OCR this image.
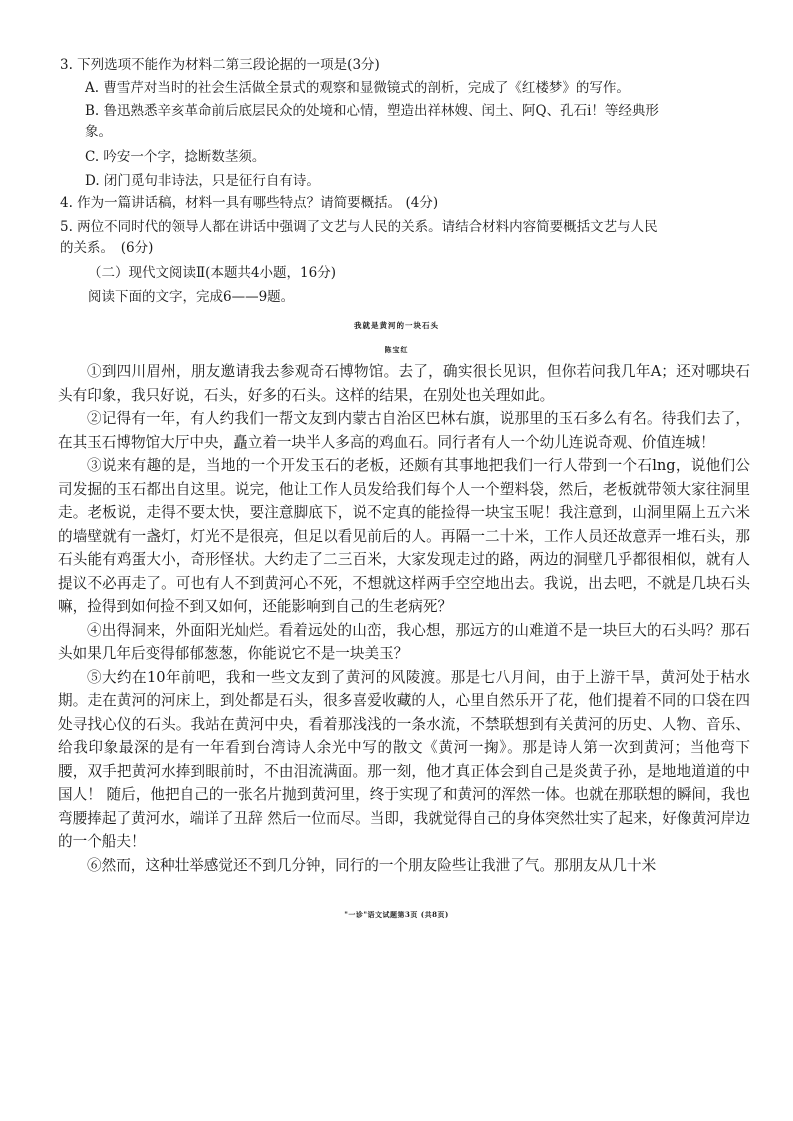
3. 下列选项不能作为材料二第三段论据的一项是(3分)
A. 曹雪芹对当时的社会生活做全景式的观察和显微镜式的剖析，完成了《红楼梦》的写作。
B. 鲁迅熟悉辛亥革命前后底层民众的处境和心情，塑造出祥林嫂、闰土、阿Q、孔石i！等经典形
象。
C. 吟安一个字，捻断数茎须。
D. 闭门觅句非诗法，只是征行自有诗。
4. 作为一篇讲话稿，材料一具有哪些特点？请简要概括。 (4分)
5. 两位不同时代的领导人都在讲话中强调了文艺与人民的关系。请结合材料内容简要概括文艺与人民
的关系。　(6分)
（二）现代文阅读Ⅱ(本题共4小题，16分)
阅读下面的文字，完成6——9题。
我就是黄河的一块石头
陈宝红

①到四川眉州，朋友邀请我去参观奇石博物馆。去了，确实很长见识，但你若问我几年A；还对哪块石头有印象，我只好说，石头，好多的石头。这样的结果，在别处也关理如此。

②记得有一年，有人约我们一帮文友到内蒙古自治区巴林右旗，说那里的玉石多么有名。待我们去了，在其玉石博物馆大厅中央，矗立着一块半人多高的鸡血石。同行者有人一个幼儿连说奇观、价值连城！

③说来有趣的是，当地的一个开发玉石的老板，还颇有其事地把我们一行人带到一个石lng，说他们公司发掘的玉石都出自这里。说完，他让工作人员发给我们每个人一个塑料袋，然后，老板就带领大家往洞里走。老板说，走得不要太快，要注意脚底下，说不定真的能捡得一块宝玉呢！我注意到，山洞里隔上五六米的墙壁就有一盏灯，灯光不是很亮，但足以看见前后的人。再隔一二十米，工作人员还故意弄一堆石头，那石头能有鸡蛋大小，奇形怪状。大约走了二三百米，大家发现走过的路，两边的洞壁几乎都很相似，就有人提议不必再走了。可也有人不到黄河心不死，不想就这样两手空空地出去。我说，出去吧，不就是几块石头嘛，捡得到如何捡不到又如何，还能影响到自己的生老病死？

④出得洞来，外面阳光灿烂。看着远处的山峦，我心想，那远方的山难道不是一块巨大的石头吗？那石头如果几年后变得郁郁葱葱，你能说它不是一块美玉？

⑤大约在10年前吧，我和一些文友到了黄河的风陵渡。那是七八月间，由于上游干旱，黄河处于枯水期。走在黄河的河床上，到处都是石头，很多喜爱收藏的人，心里自然乐开了花，他们提着不同的口袋在四处寻找心仪的石头。我站在黄河中央，看着那浅浅的一条水流，不禁联想到有关黄河的历史、人物、音乐、给我印象最深的是有一年看到台湾诗人余光中写的散文《黄河一掬》。那是诗人第一次到黄河；当他弯下腰，双手把黄河水捧到眼前时，不由泪流满面。那一刻，他才真正体会到自己是炎黄子孙，是地地道道的中国人！ 随后，他把自己的一张名片抛到黄河里，终于实现了和黄河的浑然一体。也就在那联想的瞬间，我也弯腰捧起了黄河水，端详了丑辞 然后一位而尽。当即，我就觉得自己的身体突然壮实了起来，好像黄河岸边的一个船夫！

⑥然而，这种壮举感觉还不到几分钟，同行的一个朋友险些让我泄了气。那朋友从几十米

"一诊"语文试题第3页 (共8页)
